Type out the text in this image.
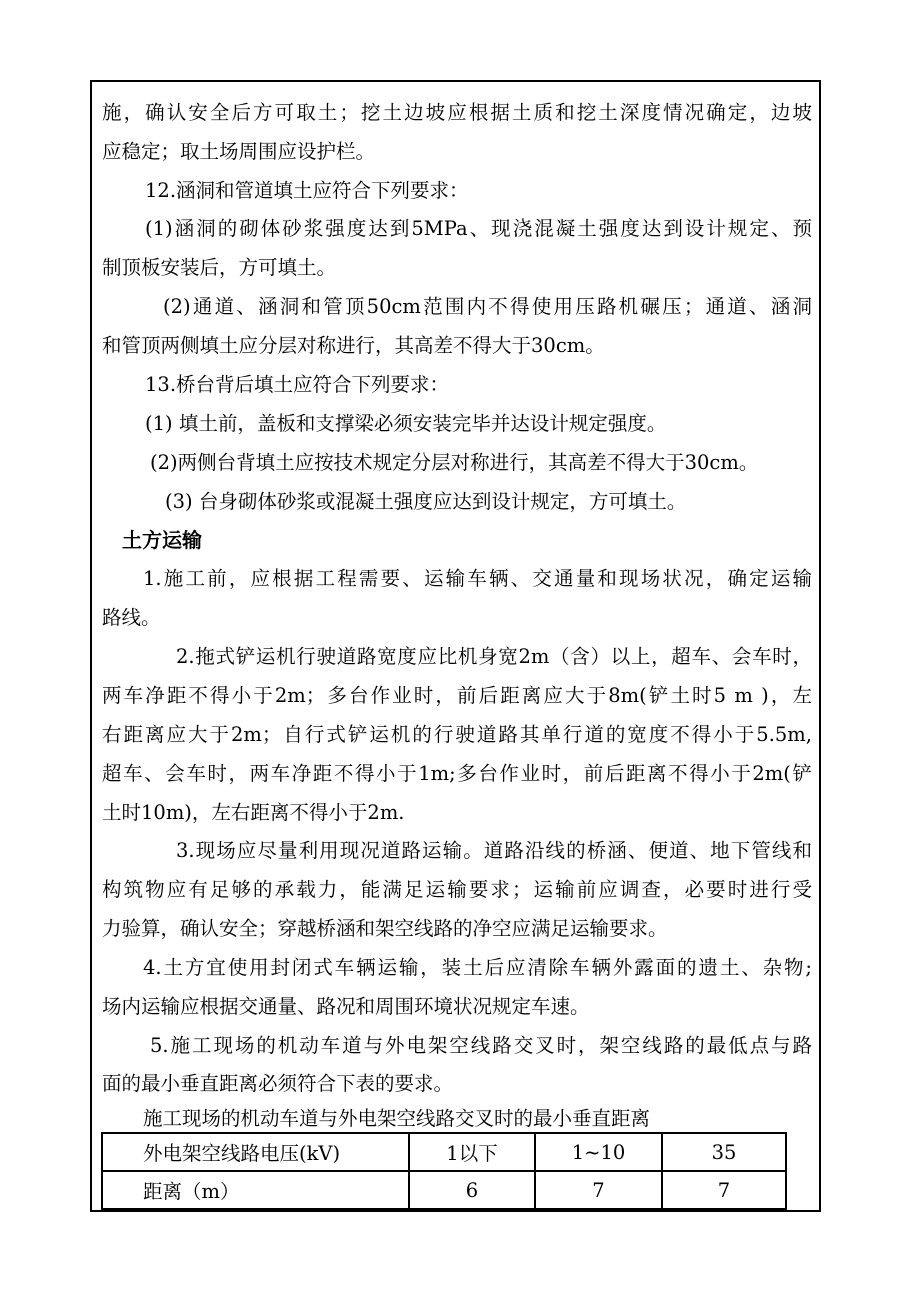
施，确认安全后方可取土；挖土边坡应根据土质和挖土深度情况确定，边坡
应稳定；取土场周围应设护栏。
12.涵洞和管道填土应符合下列要求：
(1)涵洞的砌体砂浆强度达到5MPa、现浇混凝土强度达到设计规定、预
制顶板安装后，方可填土。
(2)通道、涵洞和管顶50cm范围内不得使用压路机碾压；通道、涵洞
和管顶两侧填土应分层对称进行，其高差不得大于30cm。
13.桥台背后填土应符合下列要求：
(1) 填土前，盖板和支撑梁必须安装完毕并达设计规定强度。
(2)两侧台背填土应按技术规定分层对称进行，其高差不得大于30cm。
(3) 台身砌体砂浆或混凝土强度应达到设计规定，方可填土。
土方运输
1.施工前，应根据工程需要、运输车辆、交通量和现场状况，确定运输
路线。
2.拖式铲运机行驶道路宽度应比机身宽2m（含）以上，超车、会车时，
两车净距不得小于2m；多台作业时，前后距离应大于8m(铲土时5 m )，左
右距离应大于2m；自行式铲运机的行驶道路其单行道的宽度不得小于5.5m,
超车、会车时，两车净距不得小于1m;多台作业时，前后距离不得小于2m(铲
土时10m)，左右距离不得小于2m.
3.现场应尽量利用现况道路运输。道路沿线的桥涵、便道、地下管线和
构筑物应有足够的承载力，能满足运输要求；运输前应调查，必要时进行受
力验算，确认安全；穿越桥涵和架空线路的净空应满足运输要求。
4.土方宜使用封闭式车辆运输，装土后应清除车辆外露面的遗土、杂物;
场内运输应根据交通量、路况和周围环境状况规定车速。
5.施工现场的机动车道与外电架空线路交叉时，架空线路的最低点与路
面的最小垂直距离必须符合下表的要求。
施工现场的机动车道与外电架空线路交叉时的最小垂直距离
外电架空线路电压(kV)	1以下	1~10	35
距离（m）	6	7	7
